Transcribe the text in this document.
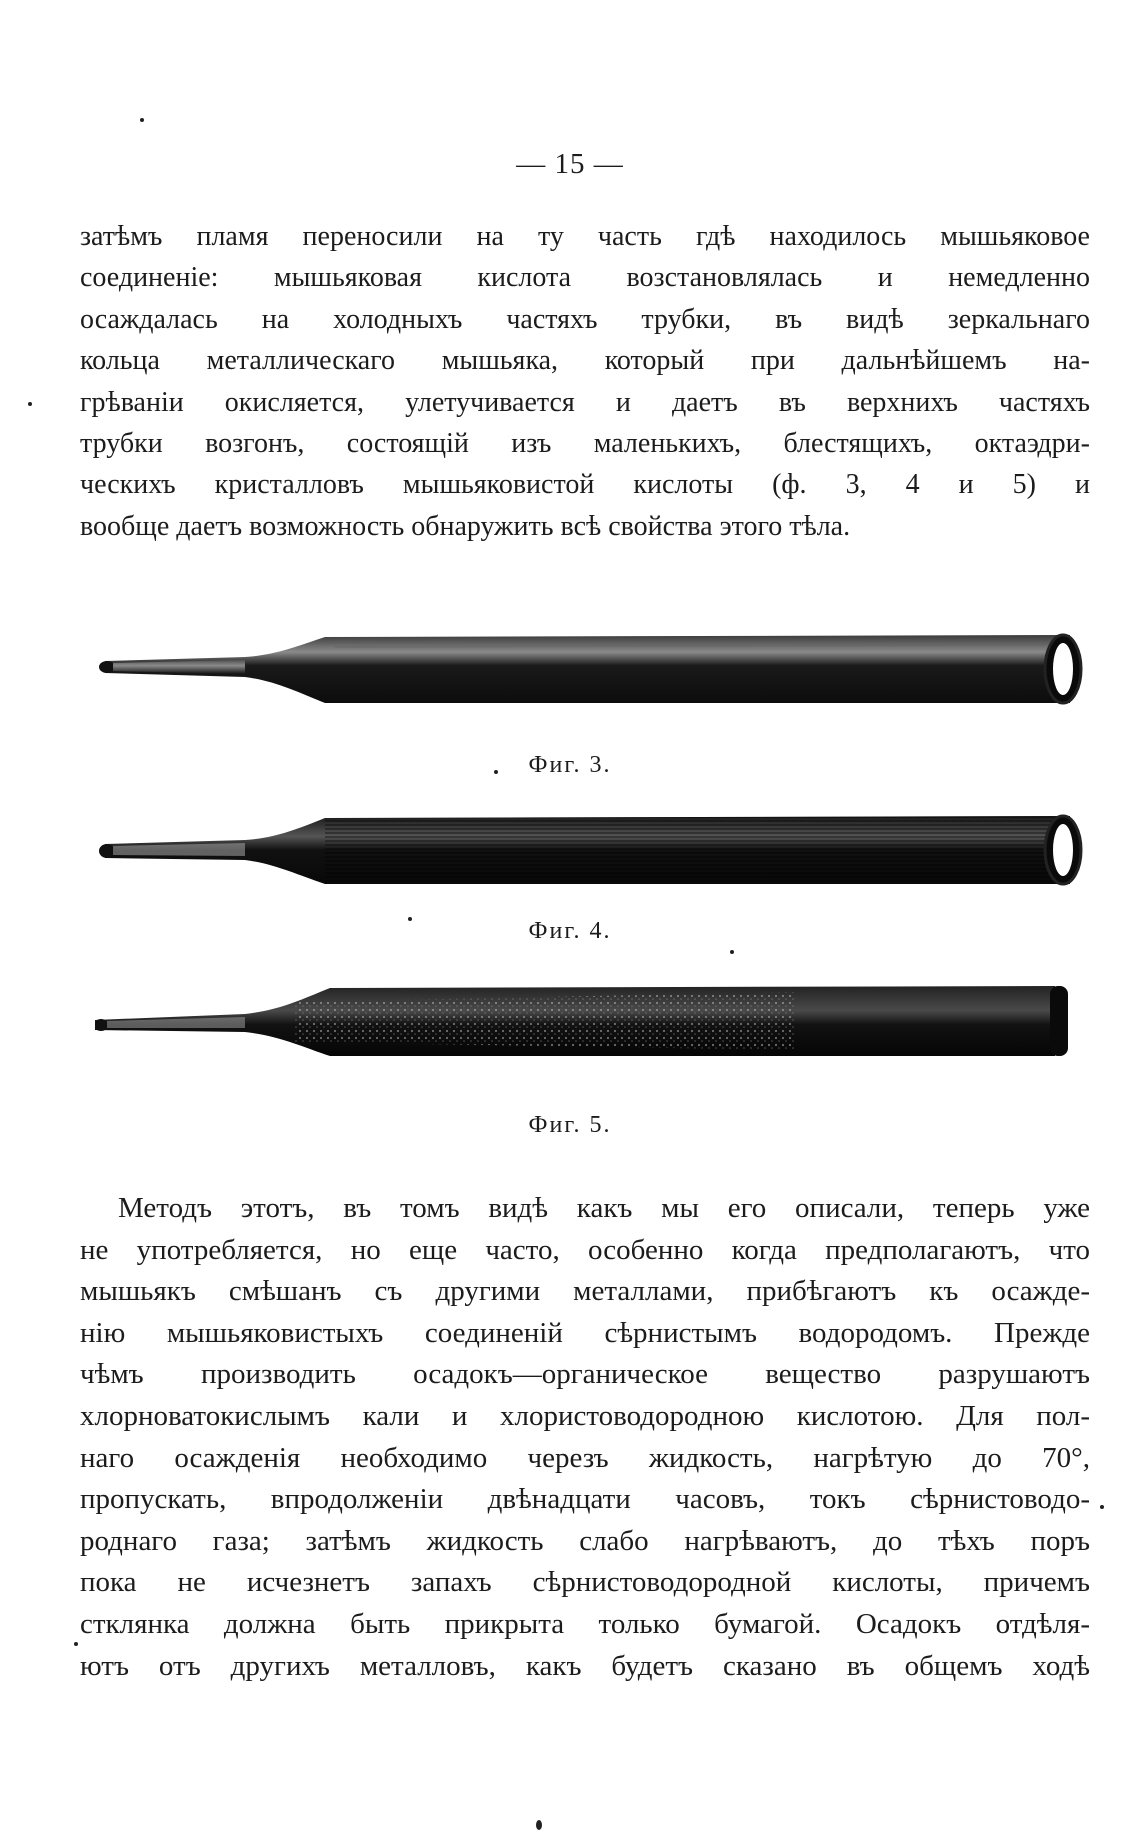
— 15 —
затѣмъ пламя переносили на ту часть гдѣ находилось мышьяковое
соединеніе: мышьяковая кислота возстановлялась и немедленно
осаждалась на холодныхъ частяхъ трубки, въ видѣ зеркальнаго
кольца металлическаго мышьяка, который при дальнѣйшемъ на-
грѣваніи окисляется, улетучивается и даетъ въ верхнихъ частяхъ
трубки возгонъ, состоящій изъ маленькихъ, блестящихъ, октаэдри-
ческихъ кристалловъ мышьяковистой кислоты (ф. 3, 4 и 5) и
вообще даетъ возможность обнаружить всѣ свойства этого тѣла.
Фиг. 3.
Фиг. 4.
Фиг. 5.
Методъ этотъ, въ томъ видѣ какъ мы его описали, теперь уже
не употребляется, но еще часто, особенно когда предполагаютъ, что
мышьякъ смѣшанъ съ другими металлами, прибѣгаютъ къ осажде-
нію мышьяковистыхъ соединеній сѣрнистымъ водородомъ. Прежде
чѣмъ производить осадокъ—органическое вещество разрушаютъ
хлорноватокислымъ кали и хлористоводородною кислотою. Для пол-
наго осажденія необходимо черезъ жидкость, нагрѣтую до 70°,
пропускать, впродолженіи двѣнадцати часовъ, токъ сѣрнистоводо-
роднаго газа; затѣмъ жидкость слабо нагрѣваютъ, до тѣхъ поръ
пока не исчезнетъ запахъ сѣрнистоводородной кислоты, причемъ
стклянка должна быть прикрыта только бумагой. Осадокъ отдѣля-
ютъ отъ другихъ металловъ, какъ будетъ сказано въ общемъ ходѣ
